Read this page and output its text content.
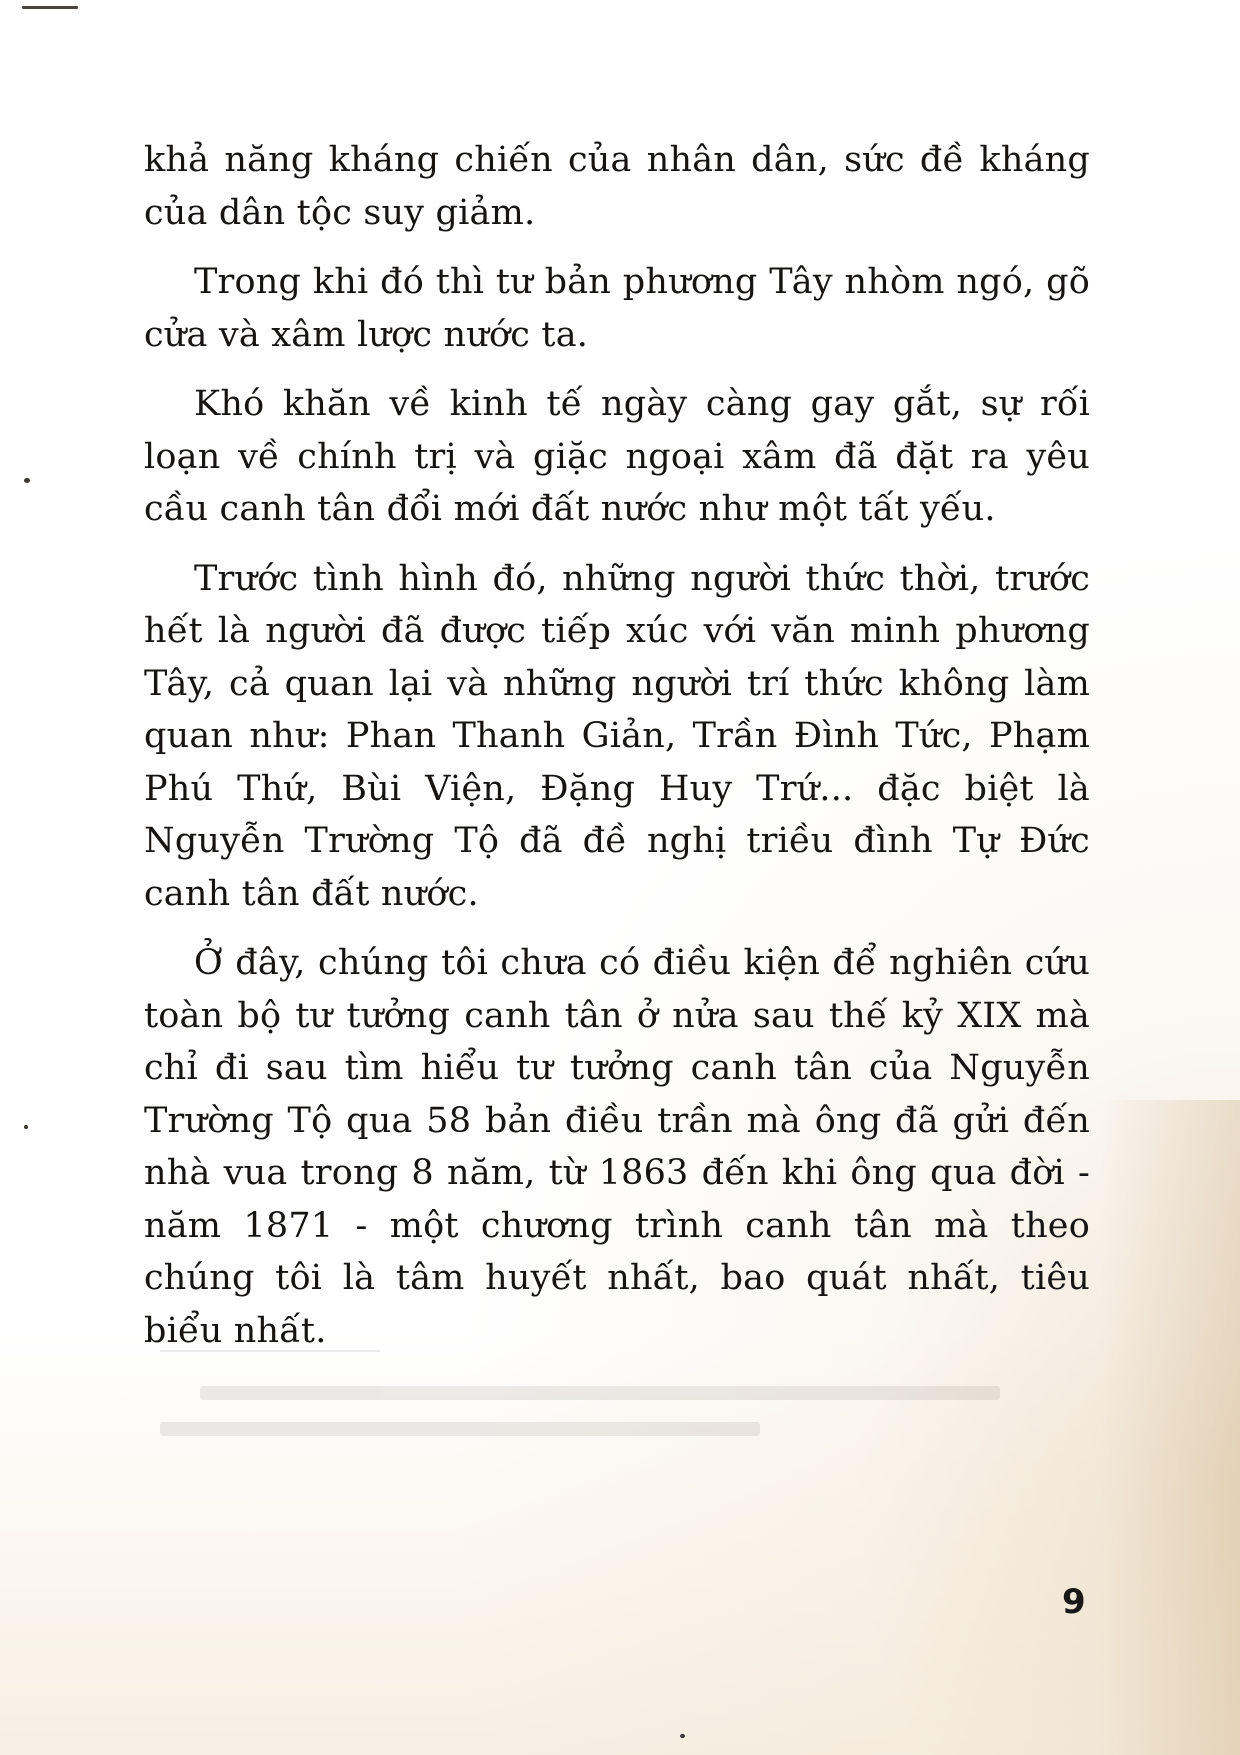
khả năng kháng chiến của nhân dân, sức đề kháng của dân tộc suy giảm.

Trong khi đó thì tư bản phương Tây nhòm ngó, gõ cửa và xâm lược nước ta.

Khó khăn về kinh tế ngày càng gay gắt, sự rối loạn về chính trị và giặc ngoại xâm đã đặt ra yêu cầu canh tân đổi mới đất nước như một tất yếu.

Trước tình hình đó, những người thức thời, trước hết là người đã được tiếp xúc với văn minh phương Tây, cả quan lại và những người trí thức không làm quan như: Phan Thanh Giản, Trần Đình Tức, Phạm Phú Thứ, Bùi Viện, Đặng Huy Trứ... đặc biệt là Nguyễn Trường Tộ đã đề nghị triều đình Tự Đức canh tân đất nước.

Ở đây, chúng tôi chưa có điều kiện để nghiên cứu toàn bộ tư tưởng canh tân ở nửa sau thế kỷ XIX mà chỉ đi sau tìm hiểu tư tưởng canh tân của Nguyễn Trường Tộ qua 58 bản điều trần mà ông đã gửi đến nhà vua trong 8 năm, từ 1863 đến khi ông qua đời - năm 1871 - một chương trình canh tân mà theo chúng tôi là tâm huyết nhất, bao quát nhất, tiêu biểu nhất.

9
